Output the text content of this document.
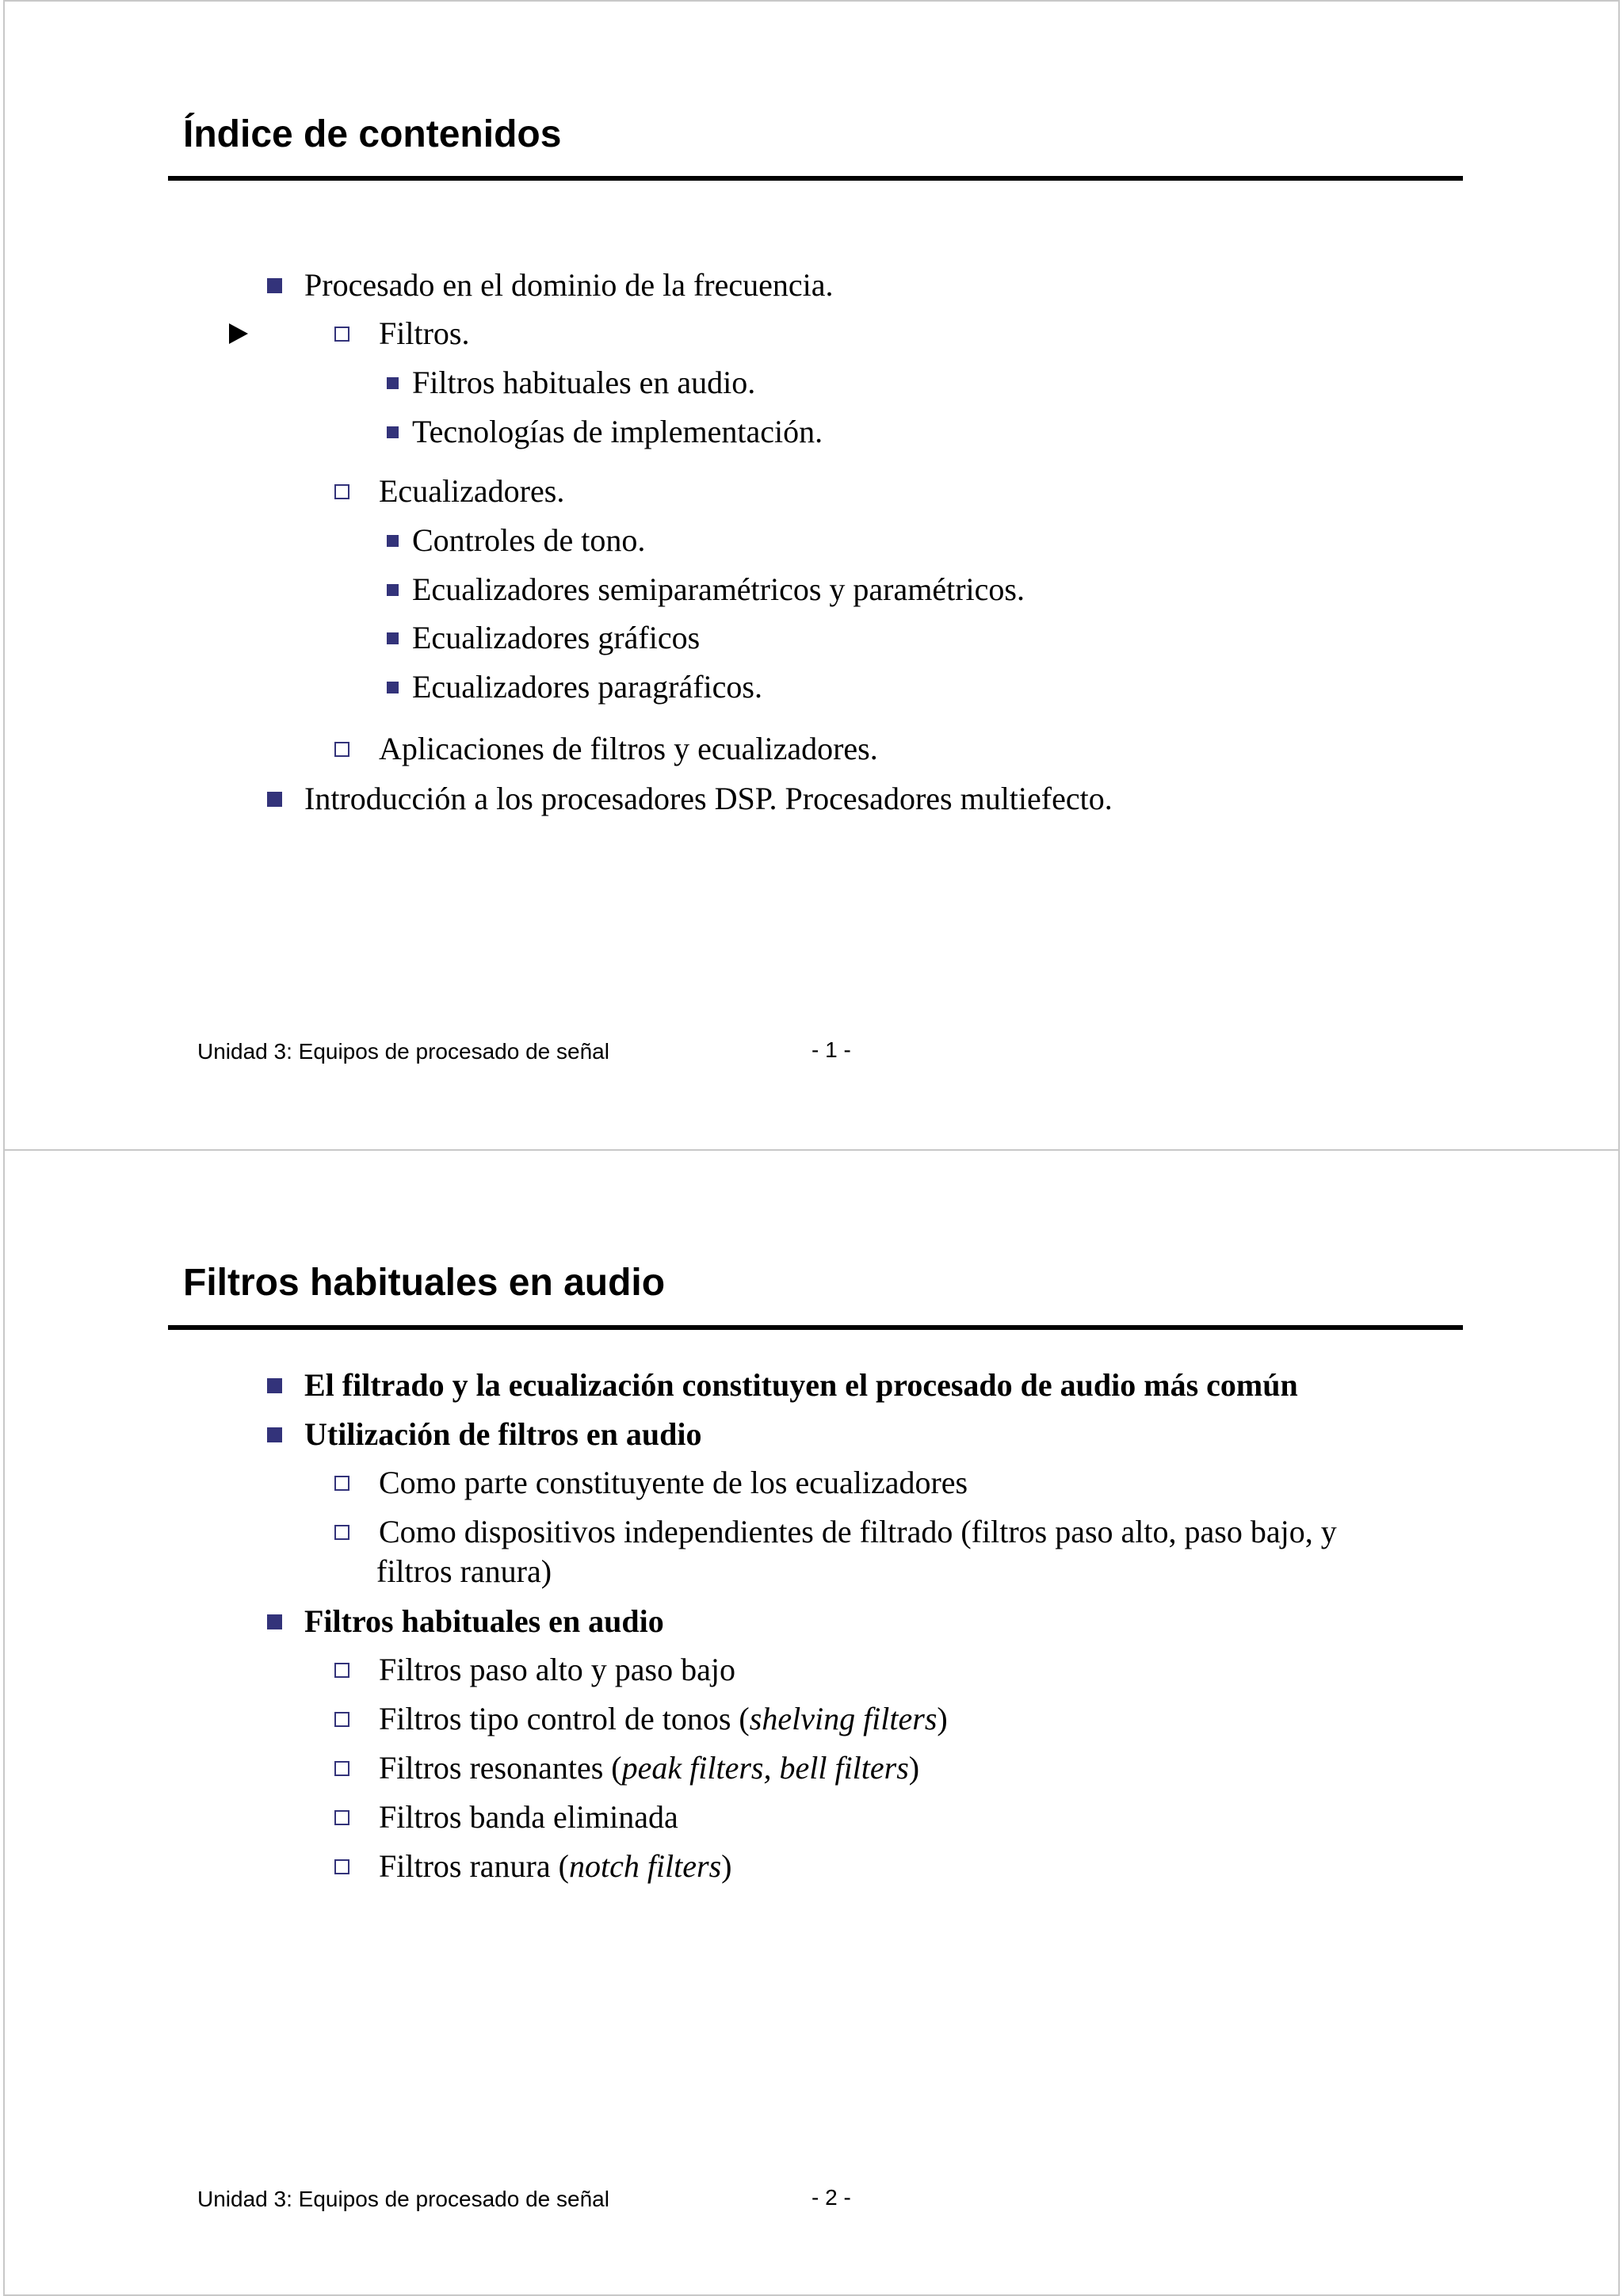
Índice de contenidos
Procesado en el dominio de la frecuencia.
Filtros.
Filtros habituales en audio.
Tecnologías de implementación.
Ecualizadores.
Controles de tono.
Ecualizadores semiparamétricos y paramétricos.
Ecualizadores gráficos
Ecualizadores paragráficos.
Aplicaciones de filtros y ecualizadores.
Introducción a los procesadores DSP. Procesadores multiefecto.
Unidad 3: Equipos de procesado de señal	- 1 -
Filtros habituales en audio
El filtrado y la ecualización constituyen el procesado de audio más común
Utilización de filtros en audio
Como parte constituyente de los ecualizadores
Como dispositivos independientes de filtrado (filtros paso alto, paso bajo, y
filtros ranura)
Filtros habituales en audio
Filtros paso alto y paso bajo
Filtros tipo control de tonos (shelving filters)
Filtros resonantes (peak filters, bell filters)
Filtros banda eliminada
Filtros ranura (notch filters)
Unidad 3: Equipos de procesado de señal	- 2 -
